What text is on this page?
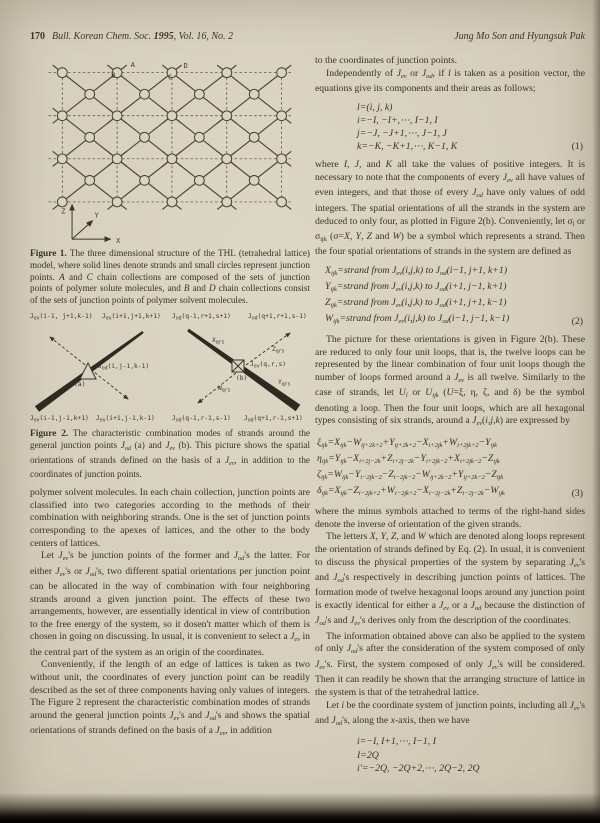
170 Bull. Korean Chem. Soc. 1995, Vol. 16, No. 2	Jung Mo Son and Hyungsuk Pak
A
B	C
D
Z	Y
X

Figure 1. The three dimensional structure of the THL (tetrahedral lattice) model, where solid lines denote strands and small circles represent junction points. A and C chain collections are composed of the sets of junction points of polymer solute molecules, and B and D chain collections consist of the sets of junction points of polymer solvent molecules.

$J_{ev}(i-1$, j+1,k-1) $J_{ev}(i+1,j+1,k+1)$
$J_{od}(i,j-1,k-1)$
(a)
$J_{ev}(i-1,j-1,k+1)$ $J_{ev}(i+1,j-1,k-1)$
$J_{od}(q-1,r+1,s+1)$	$J_{od}(q+1,r+1,s-1)$
$X_{qrs}$
$Z_{qrs}$
$J_{ev}(q,r,s)$
(b)
$W_{qrs}$
$Y_{qrs}$
$J_{od}(q-1,r-1,s-1)$ $J_{od}(q+1,r-1,s+1)$

Figure 2. The characteristic combination modes of strands around the general junction points $J_{od}$ (a) and $J_{ev}$ (b). This picture shows the spatial orientations of strands defined on the basis of a $J_{ev}$, in addition to the coordinates of junction points.

polymer solvent molecules. In each chain collection, junction points are classified into two categories according to the methods of their combination with neighboring strands. One is the set of junction points corresponding to the apexes of lattices, and the other to the body centers of lattices.

Let $J_{ev}'s$ be junction points of the former and $J_{od}'s$ the latter. For either $J_{ev}'s$ or $J_{od}'s$, two different spatial orientations per junction point can be allocated in the way of combination with four neighboring strands around a given junction point. The effects of these two arrangements, however, are essentially identical in view of contribution to the free energy of the system, so it dosen't matter which of them is chosen in going on discussing. In usual, it is convenient to select a $J_{ev}$ in the central part of the system as an origin of the coordinates.

Conveniently, if the length of an edge of lattices is taken as two without unit, the coordinates of every junction point can be readily described as the set of three components having only values of integers. The Figure 2 represent the characteristic combination modes of strands around the general junction points $J_{ev}'s$ and $J_{od}'s$ and shows the spatial orientations of strands defined on the basis of a $J_{ev}$, in addition

to the coordinates of junction points.

Independently of $J_{ev}$ or $J_{od}$, if l is taken as a position vector, the equations give its components and their areas as follows;

l=(i, j, k)
i=−I, −I+,⋯, I−1, I
j=−J, −J+1,⋯, J−1, J
k=−K, −K+1,⋯, K−1, K	(1)

where I, J, and K all take the values of positive integers. It is necessary to note that the components of every $J_{ev}$ all have values of even integers, and that those of every $J_{od}$ have only values of odd integers. The spatial orientations of all the strands in the system are deduced to only four, as plotted in Figure 2(b). Conveniently, let $\sigma_l$ or $\sigma_{ijk}$ (σ=X, Y, Z and W) be a symbol which represents a strand. Then the four spatial orientations of strands in the system are defined as

$X_{ijk}=strand$ from $J_{ev}(i,j,k)$ to $J_{od}(i-1$, j+1, k+1)
$Y_{ijk}=strand$ from $J_{ev}(i,j,k)$ to $J_{od}(i+1$, j−1, k+1)
$Z_{ijk}=strand$ from $J_{ev}(i,j,k)$ to $J_{od}(i+1$, j+1, k−1)
$W_{ijk}=strand$ from $J_{ev}(i,j,k)$ to $J_{od}(i-1$, j−1, k−1)	(2)

The picture for these orientations is given in Figure 2(b). These are reduced to only four unit loops, that is, the twelve loops can be represented by the linear combination of four unit loops though the number of loops formed around a $J_{ev}$ is all twelve. Similarly to the case of strands, let $U_l$ or $U_{ijk}$ (U=ξ, η, ζ, and δ) be the symbol denoting a loop. Then the four unit loops, which are all hexagonal types consisting of six strands, around a $J_{ev}(i,j,k)$ are expressed by

$\xi_{ijk}=X_{ijk}-W_{ij+2k+2}+Y_{ij+2k+2}-X_{i+2jk}+W_{i+2jk+2}-Y_{ijk}$
$\eta_{ijk}=Y_{ijk}-X_{i+2j-2k}+Z_{i+2j-2k}-Y_{i+2jk-2}+X_{i+2jk-2}-Z_{ijk}$
$\zeta_{ijk}=W_{ijk}-Y_{i-2jk-2}-Z_{i-2jk-2}-W_{ij+2k-2}+Y_{ij+2k-2}-Z_{ijk}$
$\delta_{ijk}=X_{ijk}-Z_{i-2jk+2}+W_{i-2jk+2}-X_{i-2j-2k}+Z_{i-2j-2k}-W_{ijk}$	(3)

where the minus symbols attached to terms of the right-hand sides denote the inverse of orientation of the given strands.

The letters X, Y, Z, and W which are denoted along loops represent the orientation of strands defined by Eq. (2). In usual, it is convenient to discuss the physical properties of the system by separating $J_{ev}'s$ and $J_{od}'s$ respectively in describing junction points of lattices. The formation mode of twelve hexagonal loops around any junction point is exactly identical for either a $J_{ev}$ or a $J_{od}$ because the distinction of $J_{od}'s$ and $J_{ev}'s$ derives only from the description of the coordinates.

The information obtained above can also be applied to the system of only $J_{od}'s$ after the consideration of the system composed of only $J_{ev}'s$. First, the system composed of only $J_{ev}'s$ will be considered. Then it can readily be shown that the arranging structure of lattice in the system is that of the tetrahedral lattice.

Let i be the coordinate system of junction points, including all $J_{ev}'s$ and $J_{od}'s$, along the x-axis, then we have

i=−I, I+1,⋯, I−1, I
I=2Q
i′=−2Q, −2Q+2,⋯, 2Q−2, 2Q
